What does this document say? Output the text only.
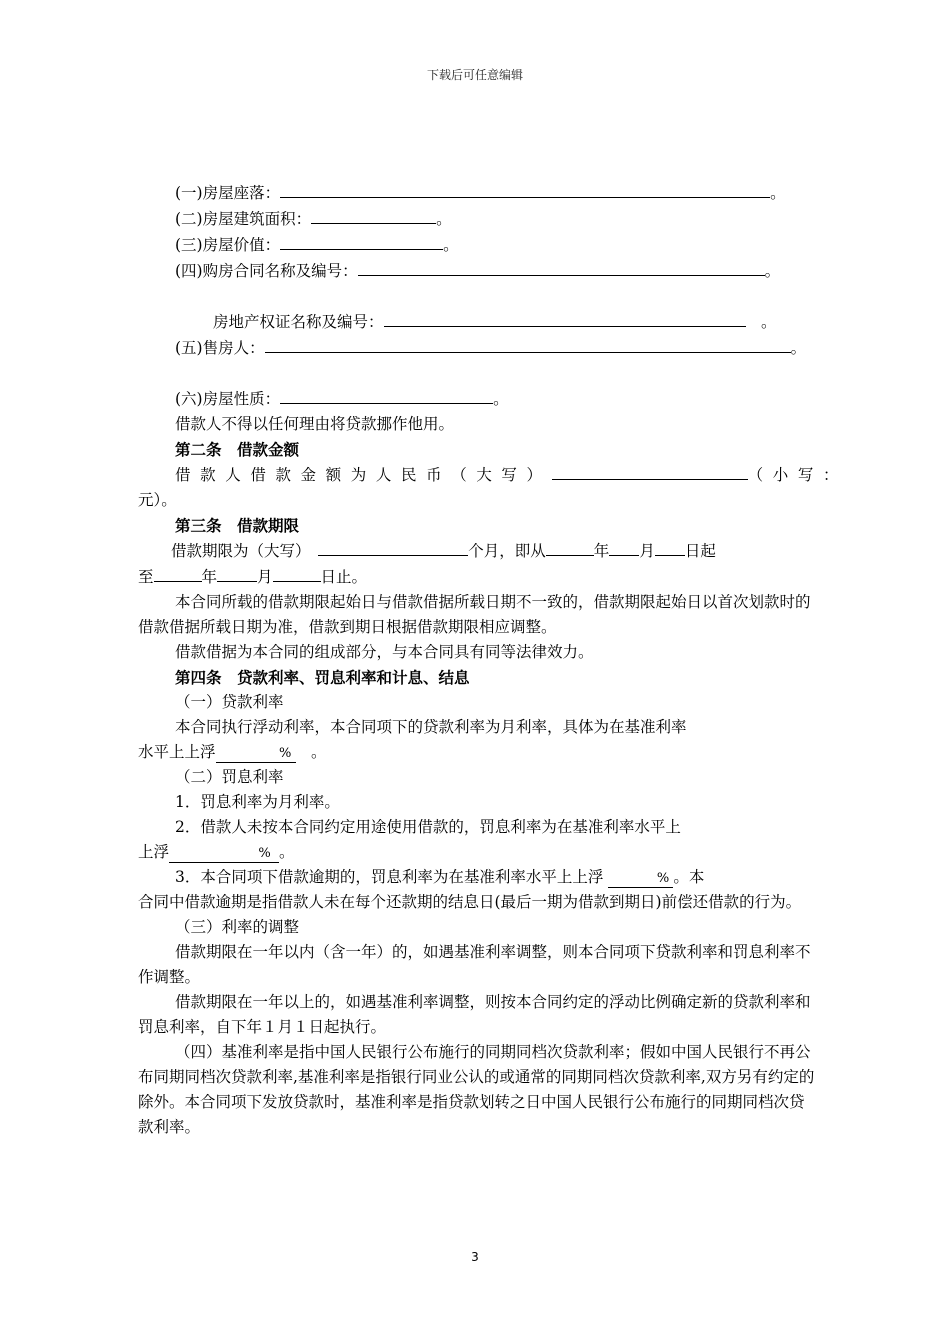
下载后可任意编辑
(一)房屋座落：	。
(二)房屋建筑面积：	。
(三)房屋价值：	。
(四)购房合同名称及编号：	。
房地产权证名称及编号：　	。
(五)售房人：	。
(六)房屋性质：	。
借款人不得以任何理由将贷款挪作他用。
第二条　借款金额
借款人借款金额为人民币（大写）	（小写：
元）。
第三条　借款期限
借款期限为（大写）　	个月，即从	年 月 日起
至	年	月	日止。
本合同所载的借款期限起始日与借款借据所载日期不一致的，借款期限起始日以首次划款时的借款借据所载日期为准，借款到期日根据借款期限相应调整。
借款借据为本合同的组成部分，与本合同具有同等法律效力。
第四条　贷款利率、罚息利率和计息、结息
（一）贷款利率
本合同执行浮动利率，本合同项下的贷款利率为月利率，具体为在基准利率
水平上上浮	% 　 。
（二）罚息利率
1．罚息利率为月利率。
2．借款人未按本合同约定用途使用借款的，罚息利率为在基准利率水平上
上浮	% 。
3．本合同项下借款逾期的，罚息利率为在基准利率水平上上浮	% 。本
合同中借款逾期是指借款人未在每个还款期的结息日(最后一期为借款到期日)前偿还借款的行为。
（三）利率的调整
借款期限在一年以内（含一年）的，如遇基准利率调整，则本合同项下贷款利率和罚息利率不作调整。
借款期限在一年以上的，如遇基准利率调整，则按本合同约定的浮动比例确定新的贷款利率和罚息利率，自下年１月１日起执行。
（四）基准利率是指中国人民银行公布施行的同期同档次贷款利率；假如中国人民银行不再公布同期同档次贷款利率,基准利率是指银行同业公认的或通常的同期同档次贷款利率,双方另有约定的除外。本合同项下发放贷款时，基准利率是指贷款划转之日中国人民银行公布施行的同期同档次贷款利率。
3
